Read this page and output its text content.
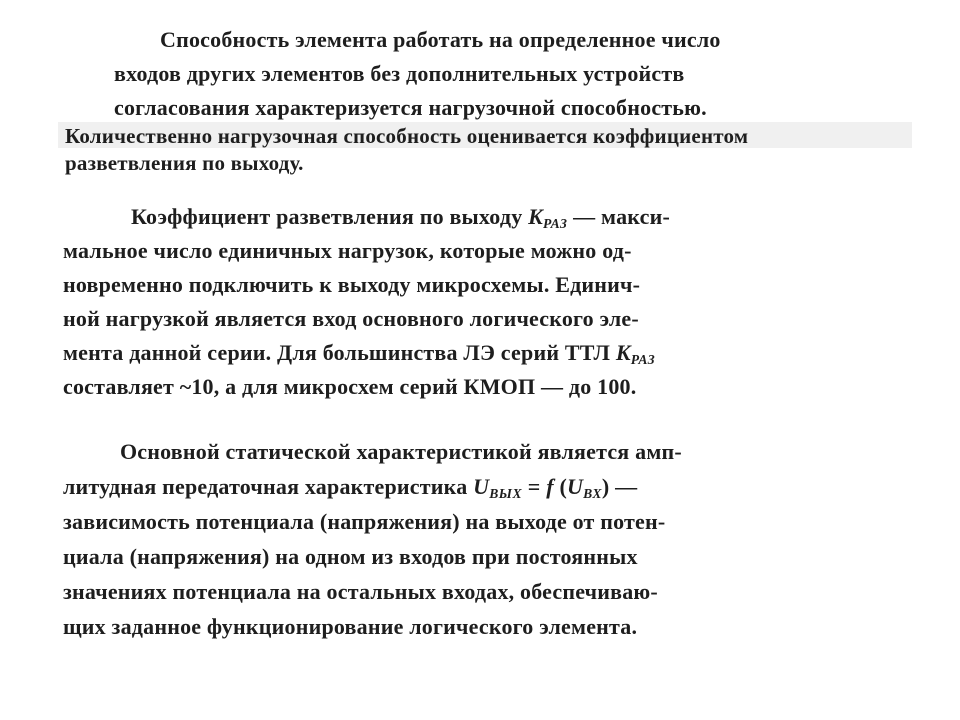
Способность элемента работать на определенное число
входов других элементов без дополнительных устройств
согласования характеризуется нагрузочной способностью.
Количественно нагрузочная способность оценивается коэффициентом
разветвления по выходу.
Коэффициент разветвления по выходу $K_{РАЗ}$ — макси-
мальное число единичных нагрузок, которые можно од-
новременно подключить к выходу микросхемы. Единич-
ной нагрузкой является вход основного логического эле-
мента данной серии. Для большинства ЛЭ серий ТТЛ $K_{РАЗ}$
составляет ~10, а для микросхем серий КМОП — до 100.
Основной статической характеристикой является амп-
литудная передаточная характеристика $U_{ВЫХ} = f$ $(U_{ВХ})$ —
зависимость потенциала (напряжения) на выходе от потен-
циала (напряжения) на одном из входов при постоянных
значениях потенциала на остальных входах, обеспечиваю-
щих заданное функционирование логического элемента.
